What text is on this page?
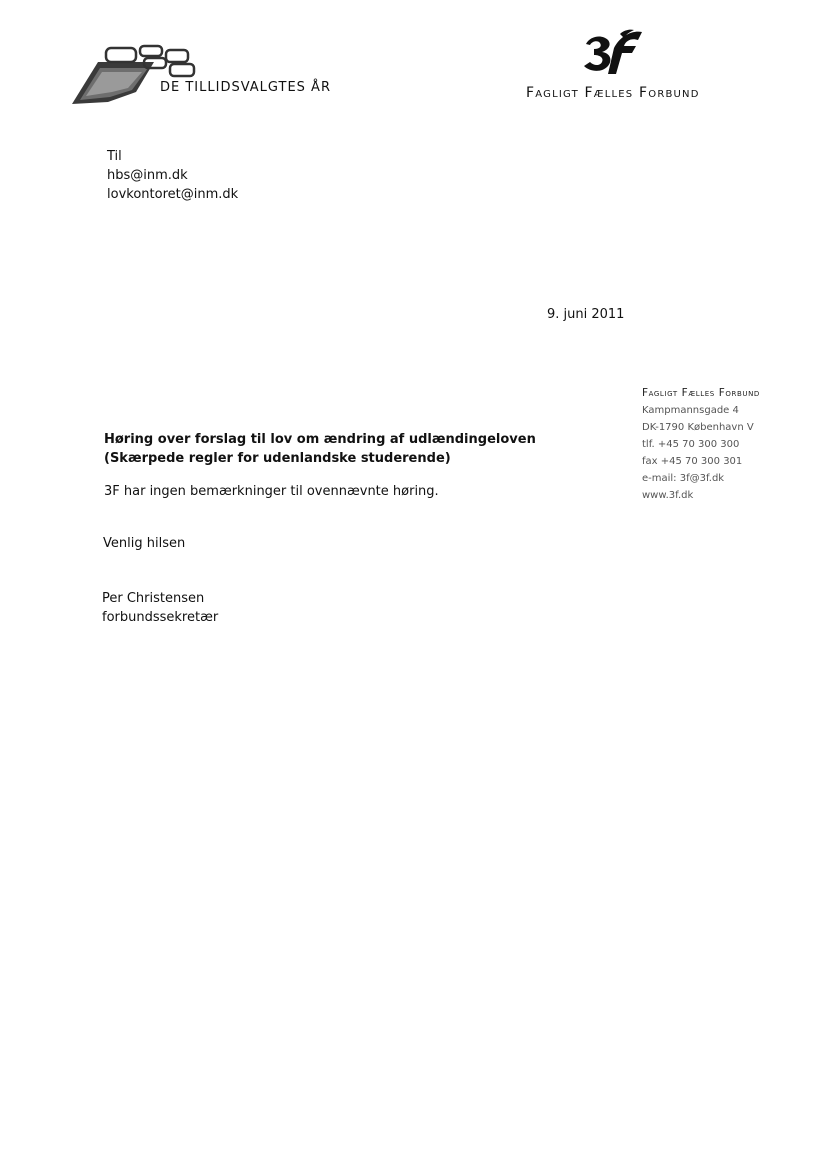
DE TILLIDSVALGTES ÅR	Fagligt Fælles Forbund
Til
hbs@inm.dk
lovkontoret@inm.dk
9. juni 2011
Fagligt Fælles Forbund
Kampmannsgade 4
DK-1790 København V
tlf. +45 70 300 300
fax +45 70 300 301
e-mail: 3f@3f.dk
www.3f.dk
Høring over forslag til lov om ændring af udlændingeloven
(Skærpede regler for udenlandske studerende)
3F har ingen bemærkninger til ovennævnte høring.
Venlig hilsen
Per Christensen
forbundssekretær
